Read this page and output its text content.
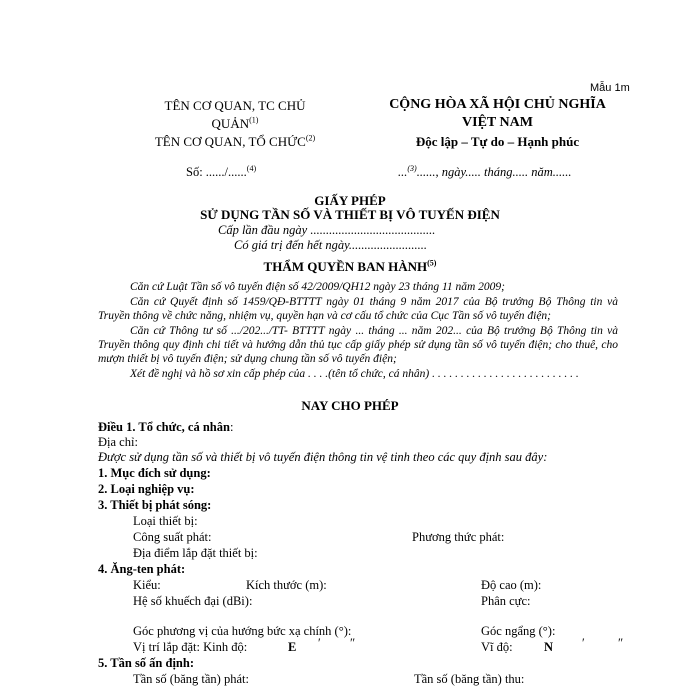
Mẫu 1m
TÊN CƠ QUAN, TC CHỦ
QUẢN$^{(1)}$
TÊN CƠ QUAN, TỔ CHỨC$^{(2)}$
CỘNG HÒA XÃ HỘI CHỦ NGHĨA
VIỆT NAM
Độc lập – Tự do – Hạnh phúc
Số: ....../......$^{(4)}$	...$^{(3)}$......, ngày..... tháng..... năm......
GIẤY PHÉP
SỬ DỤNG TẦN SỐ VÀ THIẾT BỊ VÔ TUYẾN ĐIỆN
Cấp lần đầu ngày ........................................
Có giá trị đến hết ngày.........................
THẨM QUYỀN BAN HÀNH$^{(5)}$
Căn cứ Luật Tần số vô tuyến điện số 42/2009/QH12 ngày 23 tháng 11 năm 2009;
Căn cứ Quyết định số 1459/QĐ-BTTTT ngày 01 tháng 9 năm 2017 của Bộ trưởng Bộ Thông tin và Truyền thông về chức năng, nhiệm vụ, quyền hạn và cơ cấu tổ chức của Cục Tần số vô tuyến điện;
Căn cứ Thông tư số .../202.../TT- BTTTT ngày ... tháng ... năm 202... của Bộ trưởng Bộ Thông tin và Truyền thông quy định chi tiết và hướng dẫn thủ tục cấp giấy phép sử dụng tần số vô tuyến điện; cho thuê, cho mượn thiết bị vô tuyến điện; sử dụng chung tần số vô tuyến điện;
Xét đề nghị và hồ sơ xin cấp phép của . . . .(tên tổ chức, cá nhân) . . . . . . . . . . . . . . . . . . . . . . . . . .
NAY CHO PHÉP
Điều 1. Tổ chức, cá nhân:
Địa chỉ:
Được sử dụng tần số và thiết bị vô tuyến điện thông tin vệ tinh theo các quy định sau đây:
1. Mục đích sử dụng:
2. Loại nghiệp vụ:
3. Thiết bị phát sóng:
Loại thiết bị:
Công suất phát:	Phương thức phát:
Địa điểm lắp đặt thiết bị:
4. Ăng-ten phát:
Kiểu:	Kích thước (m):	Độ cao (m):
Hệ số khuếch đại (dBi):	Phân cực:
Góc phương vị của hướng bức xạ chính (°):	Góc ngẩng (°):
Vị trí lắp đặt: Kinh độ:	E ′ ″	Vĩ độ:	N ′	″
5. Tần số ấn định:
Tần số (băng tần) phát:	Tần số (băng tần) thu:
